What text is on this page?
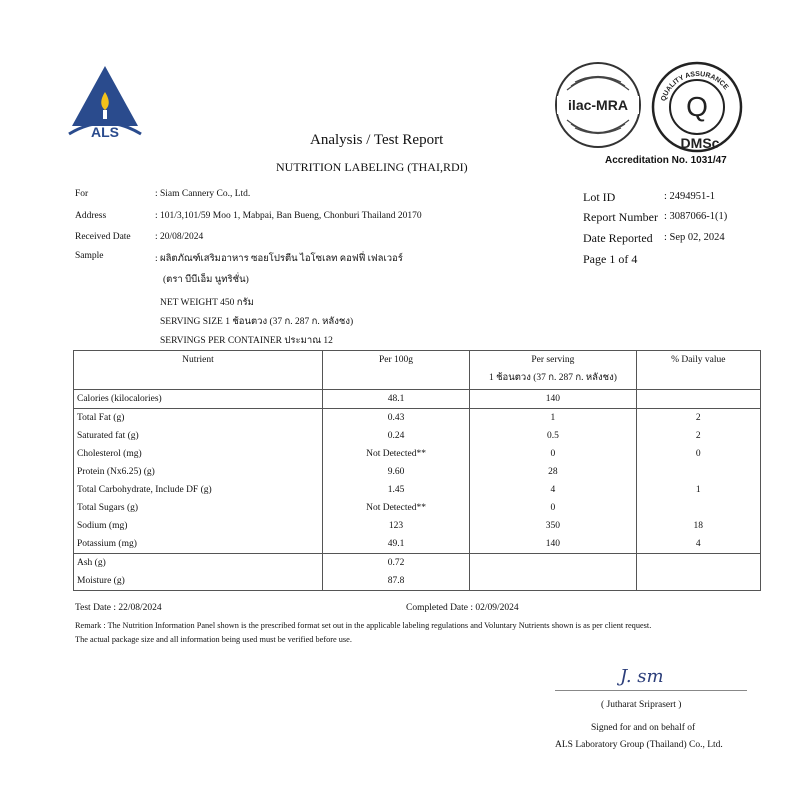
ALS
ilac-MRA	QUALITY ASSURANCE
Q
DMSc
Analysis / Test Report
NUTRITION LABELING (THAI,RDI)	Accreditation No. 1031/47
For	: Siam Cannery Co., Ltd.
Address	: 101/3,101/59 Moo 1, Mabpai, Ban Bueng, Chonburi Thailand 20170
Received Date	: 20/08/2024
Sample	: ผลิตภัณฑ์เสริมอาหาร ซอยโปรตีน ไอโซเลท คอฟฟี่ เฟลเวอร์
(ตรา บีบีเอ็ม นูทริชั่น)
NET WEIGHT 450 กรัม
SERVING SIZE 1 ช้อนตวง (37 ก. 287 ก. หลังชง)
SERVINGS PER CONTAINER ประมาณ 12
Lot ID	: 2494951-1
Report Number : 3087066-1(1)
Date Reported : Sep 02, 2024
Page 1 of 4
Nutrient	Per 100g	Per serving
1 ช้อนตวง (37 ก. 287 ก. หลังชง)	% Daily value
Calories (kilocalories)	48.1	140	
Total Fat (g)	0.43	1	2
Saturated fat (g)	0.24	0.5	2
Cholesterol (mg)	Not Detected**	0	0
Protein (Nx6.25) (g)	9.60	28	
Total Carbohydrate, Include DF (g)	1.45	4	1
Total Sugars (g)	Not Detected**	0	
Sodium (mg)	123	350	18
Potassium (mg)	49.1	140	4
Ash (g)	0.72		
Moisture (g)	87.8		
Test Date : 22/08/2024	Completed Date : 02/09/2024
Remark : The Nutrition Information Panel shown is the prescribed format set out in the applicable labeling regulations and Voluntary Nutrients shown is as per client request.
The actual package size and all information being used must be verified before use.
J. sm
( Jutharat Sriprasert )
Signed for and on behalf of
ALS Laboratory Group (Thailand) Co., Ltd.
